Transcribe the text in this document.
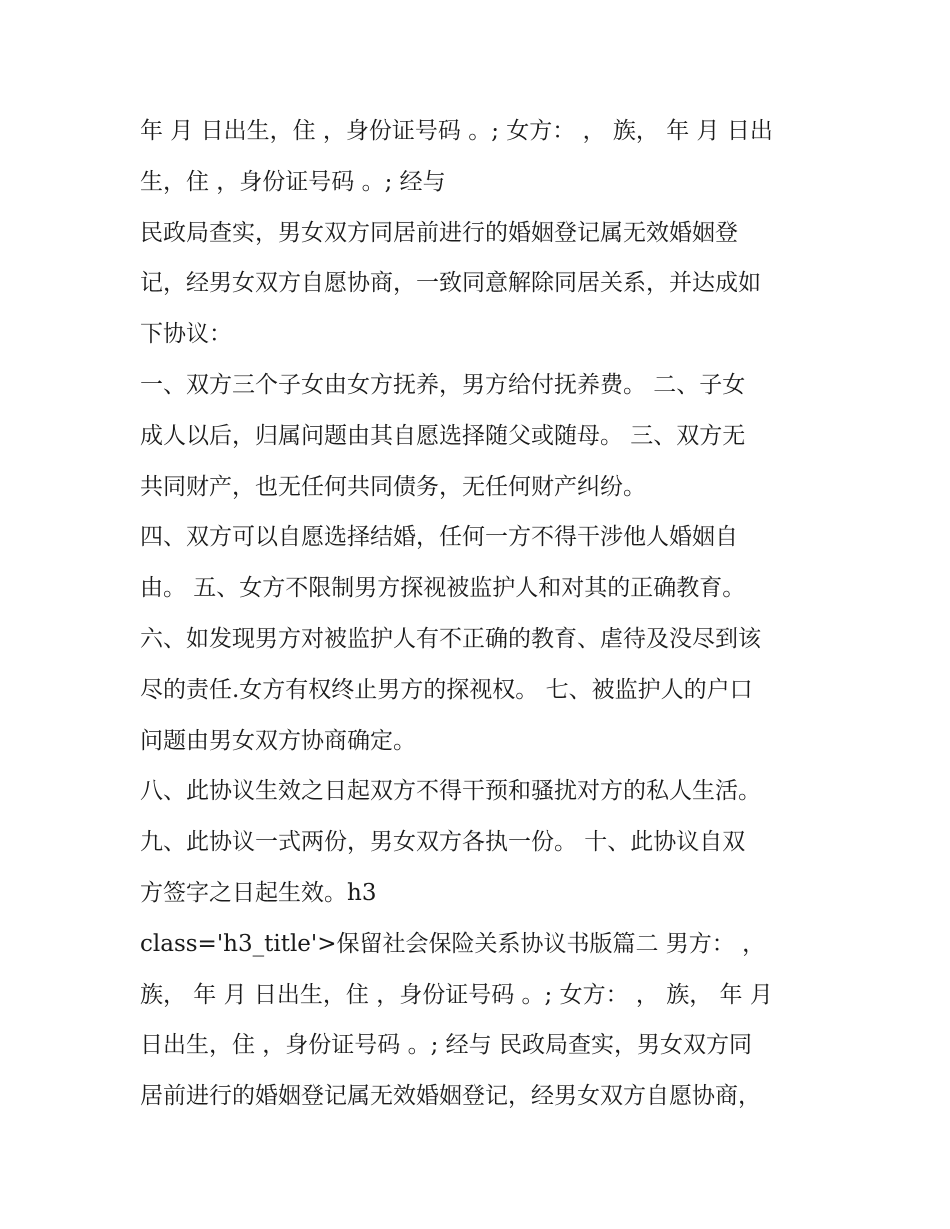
年 月 日出生，住 ，身份证号码 。; 女方： ， 族， 年 月 日出
生，住 ，身份证号码 。; 经与
民政局查实，男女双方同居前进行的婚姻登记属无效婚姻登
记，经男女双方自愿协商，一致同意解除同居关系，并达成如
下协议：
一、双方三个子女由女方抚养，男方给付抚养费。 二、子女
成人以后，归属问题由其自愿选择随父或随母。 三、双方无
共同财产，也无任何共同债务，无任何财产纠纷。
四、双方可以自愿选择结婚，任何一方不得干涉他人婚姻自
由。 五、女方不限制男方探视被监护人和对其的正确教育。
六、如发现男方对被监护人有不正确的教育、虐待及没尽到该
尽的责任.女方有权终止男方的探视权。 七、被监护人的户口
问题由男女双方协商确定。
八、此协议生效之日起双方不得干预和骚扰对方的私人生活。
九、此协议一式两份，男女双方各执一份。 十、此协议自双
方签字之日起生效。h3
class='h3_title'>保留社会保险关系协议书版篇二 男方： ，
族， 年 月 日出生，住 ，身份证号码 。; 女方： ， 族， 年 月
日出生，住 ，身份证号码 。; 经与 民政局查实，男女双方同
居前进行的婚姻登记属无效婚姻登记，经男女双方自愿协商，
